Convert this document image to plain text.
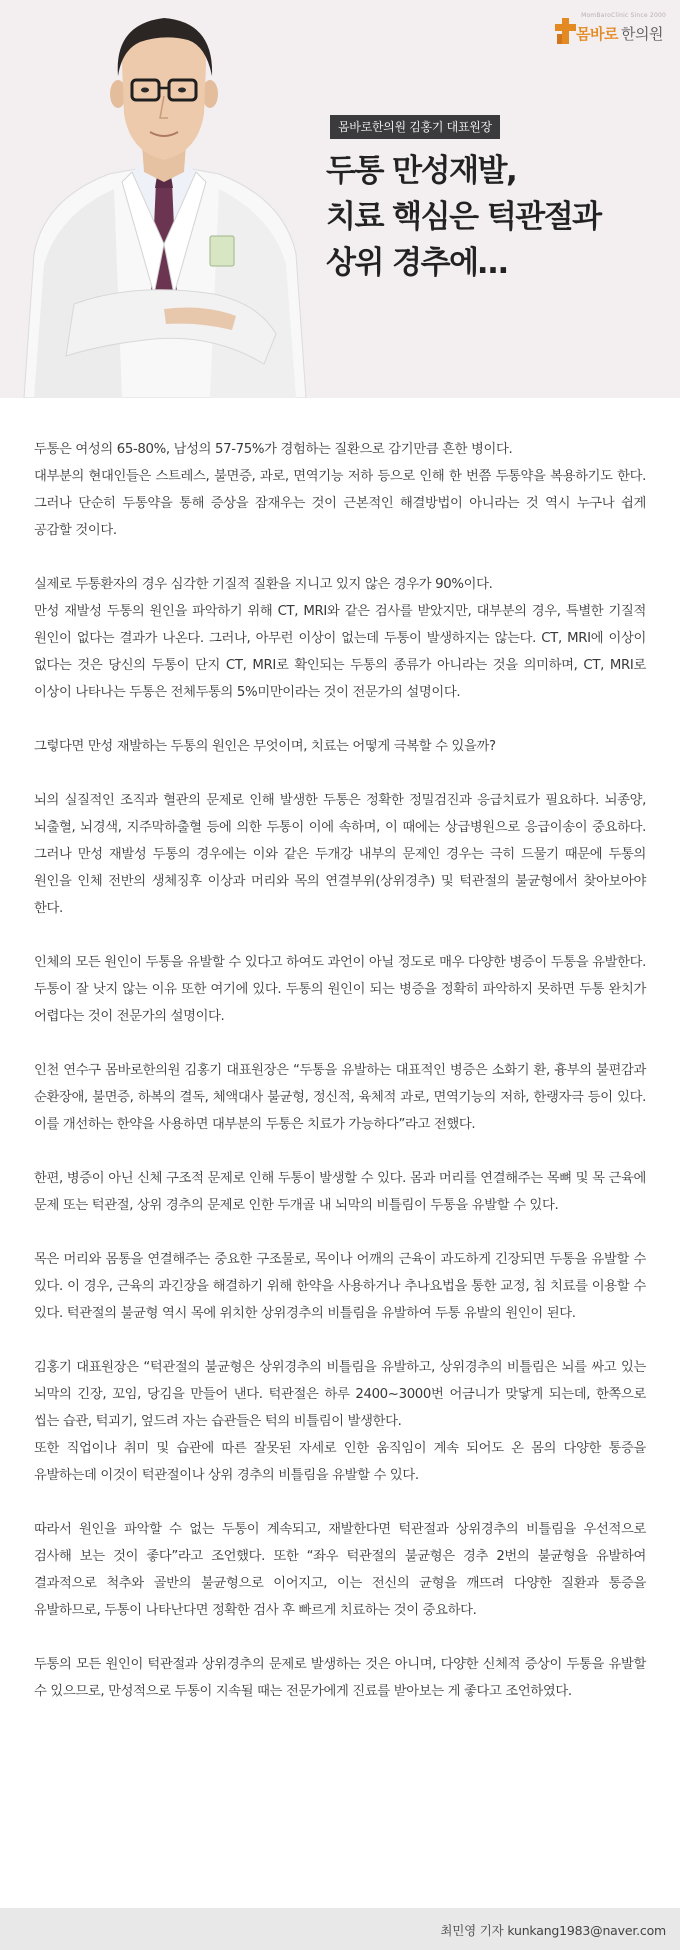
MomBaroClinic Since 2000
몸바로 한의원
몸바로한의원 김홍기 대표원장
두통 만성재발,
치료 핵심은 턱관절과
상위 경추에…

두통은 여성의 65-80%, 남성의 57-75%가 경험하는 질환으로 감기만큼 흔한 병이다.
대부분의 현대인들은 스트레스, 불면증, 과로, 면역기능 저하 등으로 인해 한 번쯤 두통약을 복용하기도 한다. 그러나 단순히 두통약을 통해 증상을 잠재우는 것이 근본적인 해결방법이 아니라는 것 역시 누구나 쉽게 공감할 것이다.

실제로 두통환자의 경우 심각한 기질적 질환을 지니고 있지 않은 경우가 90%이다.
만성 재발성 두통의 원인을 파악하기 위해 CT, MRI와 같은 검사를 받았지만, 대부분의 경우, 특별한 기질적 원인이 없다는 결과가 나온다. 그러나, 아무런 이상이 없는데 두통이 발생하지는 않는다. CT, MRI에 이상이 없다는 것은 당신의 두통이 단지 CT, MRI로 확인되는 두통의 종류가 아니라는 것을 의미하며, CT, MRI로 이상이 나타나는 두통은 전체두통의 5%미만이라는 것이 전문가의 설명이다.

그렇다면 만성 재발하는 두통의 원인은 무엇이며, 치료는 어떻게 극복할 수 있을까?

뇌의 실질적인 조직과 혈관의 문제로 인해 발생한 두통은 정확한 정밀검진과 응급치료가 필요하다. 뇌종양, 뇌출혈, 뇌경색, 지주막하출혈 등에 의한 두통이 이에 속하며, 이 때에는 상급병원으로 응급이송이 중요하다. 그러나 만성 재발성 두통의 경우에는 이와 같은 두개강 내부의 문제인 경우는 극히 드물기 때문에 두통의 원인을 인체 전반의 생체징후 이상과 머리와 목의 연결부위(상위경추) 및 턱관절의 불균형에서 찾아보아야 한다.

인체의 모든 원인이 두통을 유발할 수 있다고 하여도 과언이 아닐 정도로 매우 다양한 병증이 두통을 유발한다. 두통이 잘 낫지 않는 이유 또한 여기에 있다. 두통의 원인이 되는 병증을 정확히 파악하지 못하면 두통 완치가 어렵다는 것이 전문가의 설명이다.

인천 연수구 몸바로한의원 김홍기 대표원장은 “두통을 유발하는 대표적인 병증은 소화기 환, 흉부의 불편감과 순환장애, 불면증, 하복의 결독, 체액대사 불균형, 정신적, 육체적 과로, 면역기능의 저하, 한랭자극 등이 있다. 이를 개선하는 한약을 사용하면 대부분의 두통은 치료가 가능하다”라고 전했다.

한편, 병증이 아닌 신체 구조적 문제로 인해 두통이 발생할 수 있다. 몸과 머리를 연결해주는 목뼈 및 목 근육에 문제 또는 턱관절, 상위 경추의 문제로 인한 두개골 내 뇌막의 비틀림이 두통을 유발할 수 있다.

목은 머리와 몸통을 연결해주는 중요한 구조물로, 목이나 어깨의 근육이 과도하게 긴장되면 두통을 유발할 수 있다. 이 경우, 근육의 과긴장을 해결하기 위해 한약을 사용하거나 추나요법을 통한 교정, 침 치료를 이용할 수 있다. 턱관절의 불균형 역시 목에 위치한 상위경추의 비틀림을 유발하여 두통 유발의 원인이 된다.

김홍기 대표원장은 “턱관절의 불균형은 상위경추의 비틀림을 유발하고, 상위경추의 비틀림은 뇌를 싸고 있는 뇌막의 긴장, 꼬임, 당김을 만들어 낸다. 턱관절은 하루 2400~3000번 어금니가 맞닿게 되는데, 한쪽으로 씹는 습관, 턱괴기, 엎드려 자는 습관들은 턱의 비틀림이 발생한다.
또한 직업이나 취미 및 습관에 따른 잘못된 자세로 인한 움직임이 계속 되어도 온 몸의 다양한 통증을 유발하는데 이것이 턱관절이나 상위 경추의 비틀림을 유발할 수 있다.

따라서 원인을 파악할 수 없는 두통이 계속되고, 재발한다면 턱관절과 상위경추의 비틀림을 우선적으로 검사해 보는 것이 좋다”라고 조언했다. 또한 “좌우 턱관절의 불균형은 경추 2번의 불균형을 유발하여 결과적으로 척추와 골반의 불균형으로 이어지고, 이는 전신의 균형을 깨뜨려 다양한 질환과 통증을 유발하므로, 두통이 나타난다면 정확한 검사 후 빠르게 치료하는 것이 중요하다.

두통의 모든 원인이 턱관절과 상위경추의 문제로 발생하는 것은 아니며, 다양한 신체적 증상이 두통을 유발할 수 있으므로, 만성적으로 두통이 지속될 때는 전문가에게 진료를 받아보는 게 좋다고 조언하였다.

최민영 기자 kunkang1983@naver.com
